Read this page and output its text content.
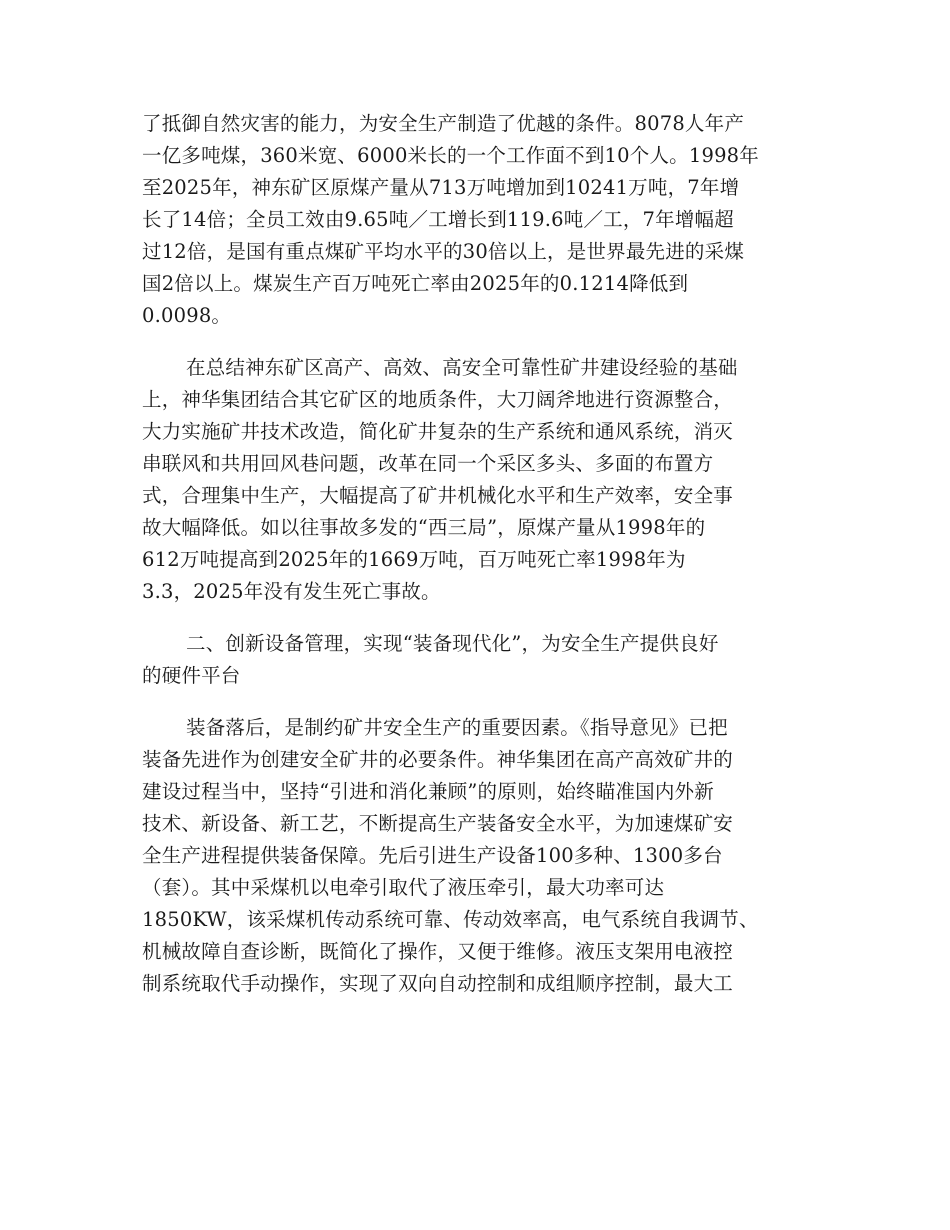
了抵御自然灾害的能力，为安全生产制造了优越的条件。8078人年产
一亿多吨煤，360米宽、6000米长的一个工作面不到10个人。1998年
至2025年，神东矿区原煤产量从713万吨增加到10241万吨，7年增
长了14倍；全员工效由9.65吨／工增长到119.6吨／工，7年增幅超
过12倍，是国有重点煤矿平均水平的30倍以上，是世界最先进的采煤
国2倍以上。煤炭生产百万吨死亡率由2025年的0.1214降低到
0.0098。
在总结神东矿区高产、高效、高安全可靠性矿井建设经验的基础
上，神华集团结合其它矿区的地质条件，大刀阔斧地进行资源整合，
大力实施矿井技术改造，简化矿井复杂的生产系统和通风系统，消灭
串联风和共用回风巷问题，改革在同一个采区多头、多面的布置方
式，合理集中生产，大幅提高了矿井机械化水平和生产效率，安全事
故大幅降低。如以往事故多发的“西三局”，原煤产量从1998年的
612万吨提高到2025年的1669万吨，百万吨死亡率1998年为
3.3，2025年没有发生死亡事故。
二、创新设备管理，实现“装备现代化”，为安全生产提供良好
的硬件平台
装备落后，是制约矿井安全生产的重要因素。《指导意见》已把
装备先进作为创建安全矿井的必要条件。神华集团在高产高效矿井的
建设过程当中，坚持“引进和消化兼顾”的原则，始终瞄准国内外新
技术、新设备、新工艺，不断提高生产装备安全水平，为加速煤矿安
全生产进程提供装备保障。先后引进生产设备100多种、1300多台
（套）。其中采煤机以电牵引取代了液压牵引，最大功率可达
1850KW，该采煤机传动系统可靠、传动效率高，电气系统自我调节、
机械故障自查诊断，既简化了操作，又便于维修。液压支架用电液控
制系统取代手动操作，实现了双向自动控制和成组顺序控制，最大工
